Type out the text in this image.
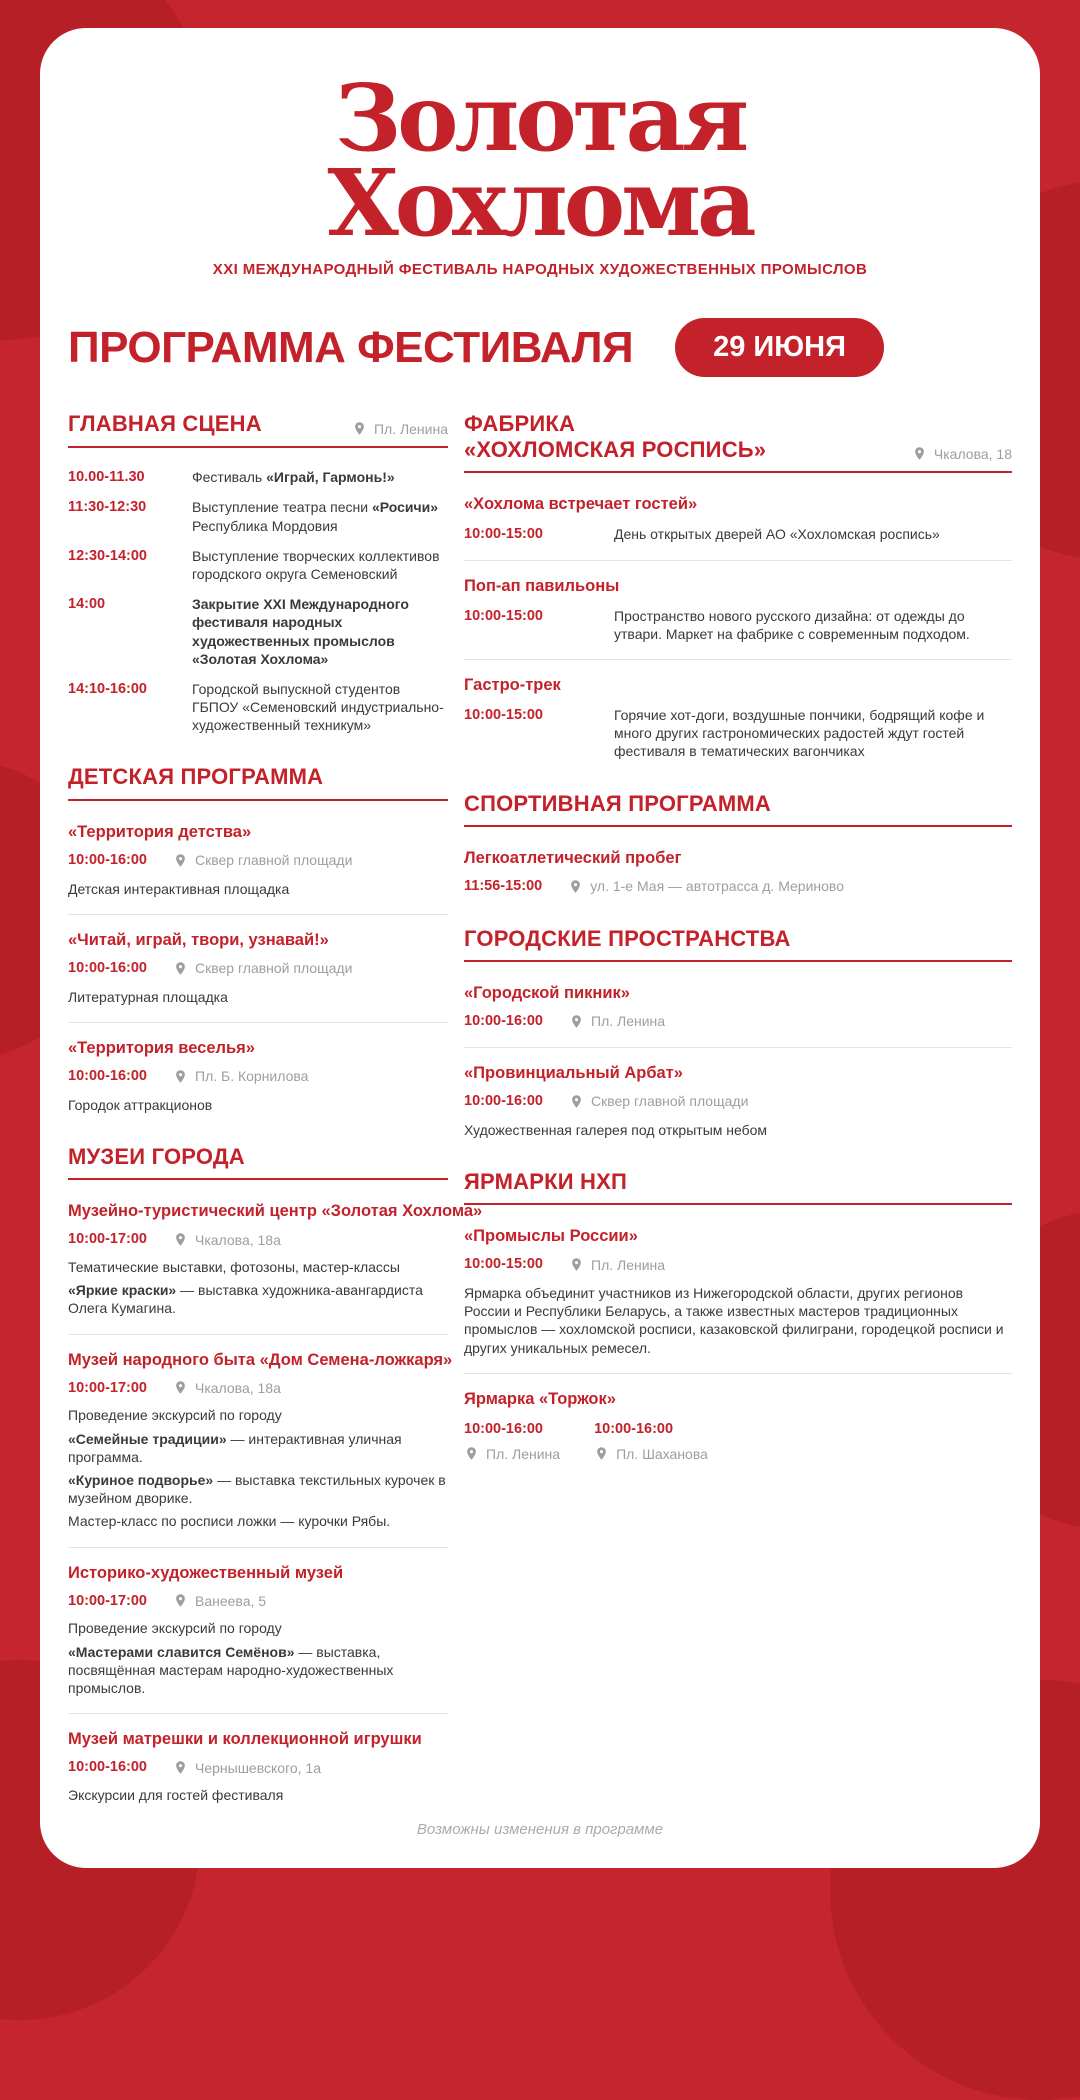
Золотая
Хохлома
XXI МЕЖДУНАРОДНЫЙ ФЕСТИВАЛЬ НАРОДНЫХ ХУДОЖЕСТВЕННЫХ ПРОМЫСЛОВ
ПРОГРАММА ФЕСТИВАЛЯ	29 ИЮНЯ
ГЛАВНАЯ СЦЕНА	Пл. Ленина
10.00-11.30	Фестиваль «Играй, Гармонь!»
11:30-12:30	Выступление театра песни «Росичи»
Республика Мордовия
12:30-14:00	Выступление творческих коллективов городского округа Семеновский
14:00	Закрытие XXI Международного фестиваля народных художественных промыслов «Золотая Хохлома»
14:10-16:00	Городской выпускной студентов ГБПОУ «Семеновский индустриально-художественный техникум»
ДЕТСКАЯ ПРОГРАММА
«Территория детства»
10:00-16:00	Сквер главной площади
Детская интерактивная площадка
«Читай, играй, твори, узнавай!»
10:00-16:00	Сквер главной площади
Литературная площадка
«Территория веселья»
10:00-16:00	Пл. Б. Корнилова
Городок аттракционов
МУЗЕИ ГОРОДА
Музейно-туристический центр «Золотая Хохлома»
10:00-17:00	Чкалова, 18а

Тематические выставки, фотозоны, мастер-классы

«Яркие краски» — выставка художника-авангардиста Олега Кумагина.

Музей народного быта «Дом Семена-ложкаря»
10:00-17:00	Чкалова, 18а

Проведение экскурсий по городу

«Семейные традиции» — интерактивная уличная программа.

«Куриное подворье» — выставка текстильных курочек в музейном дворике.

Мастер-класс по росписи ложки — курочки Рябы.

Историко-художественный музей
10:00-17:00	Ванеева, 5

Проведение экскурсий по городу

«Мастерами славится Семёнов» — выставка, посвящённая мастерам народно-художественных промыслов.

Музей матрешки и коллекционной игрушки
10:00-16:00	Чернышевского, 1а

Экскурсии для гостей фестиваля

ФАБРИКА
«ХОХЛОМСКАЯ РОСПИСЬ»	Чкалова, 18
«Хохлома встречает гостей»
10:00-15:00	День открытых дверей АО «Хохломская роспись»
Поп-ап павильоны
10:00-15:00	Пространство нового русского дизайна: от одежды до утвари. Маркет на фабрике с современным подходом.
Гастро-трек
10:00-15:00	Горячие хот-доги, воздушные пончики, бодрящий кофе и много других гастрономических радостей ждут гостей фестиваля в тематических вагончиках
СПОРТИВНАЯ ПРОГРАММА
Легкоатлетический пробег
11:56-15:00	ул. 1-е Мая — автотрасса д. Мериново
ГОРОДСКИЕ ПРОСТРАНСТВА
«Городской пикник»
10:00-16:00	Пл. Ленина
«Провинциальный Арбат»
10:00-16:00	Сквер главной площади
Художественная галерея под открытым небом
ЯРМАРКИ НХП
«Промыслы России»
10:00-15:00	Пл. Ленина
Ярмарка объединит участников из Нижегородской области, других регионов России и Республики Беларусь, а также известных мастеров традиционных промыслов — хохломской росписи, казаковской филиграни, городецкой росписи и других уникальных ремесел.
Ярмарка «Торжок»
10:00-16:00
Пл. Ленина
10:00-16:00
Пл. Шаханова
Возможны изменения в программе
